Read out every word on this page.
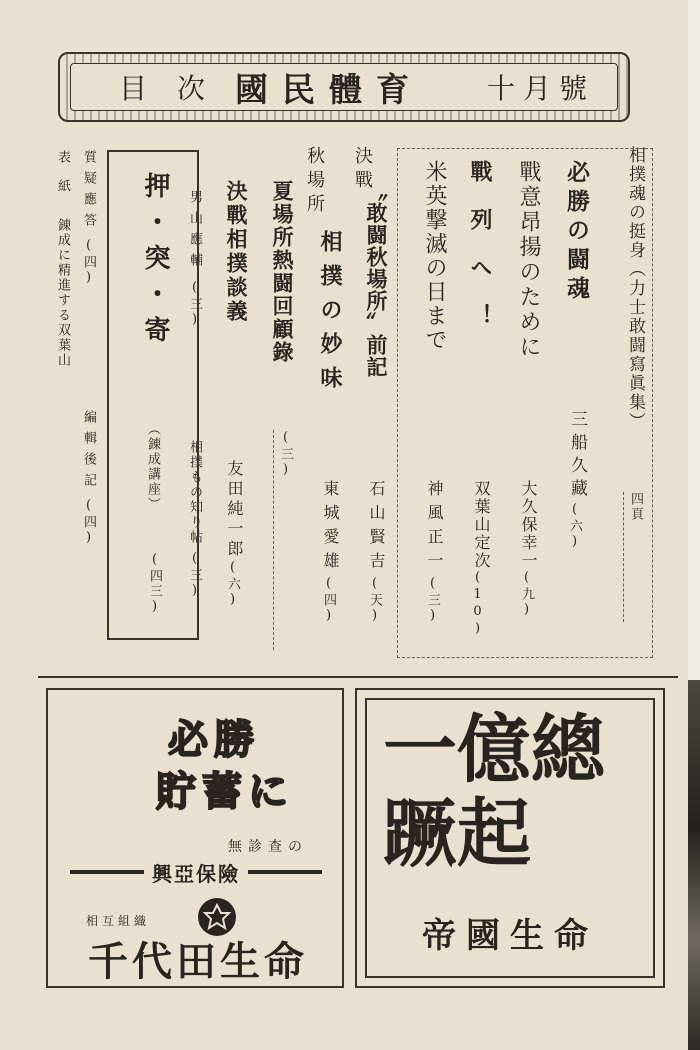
目次 國民體育 十月號
相撲魂の挺身（力士敢闘寫眞集）
四頁
必勝の闘魂
三船久藏
(六)
戰意昂揚のために
大久保幸一
(九)
戰列へ！
双葉山定次
(10)
米英撃滅の日まで
神風正一
(三)
〝敢闘秋場所〟前記
石山賢吉
(天)
相撲の妙味
東城愛雄
(四)
決戰
夏場所熱闘回顧錄
(三)
秋場所
決戰相撲談義
友田純一郎
(六)
男山應輔
(三)
相撲もの知り帖
(三)
押・突・寄
（錬成講座）
(四三)
質疑應答
(四)
編輯後記
(四)
表紙
錬成に精進する双葉山
必勝
貯蓄に
無診查の
興亞保險
相互組織
千代田生命
一億總蹶起
帝國生命
